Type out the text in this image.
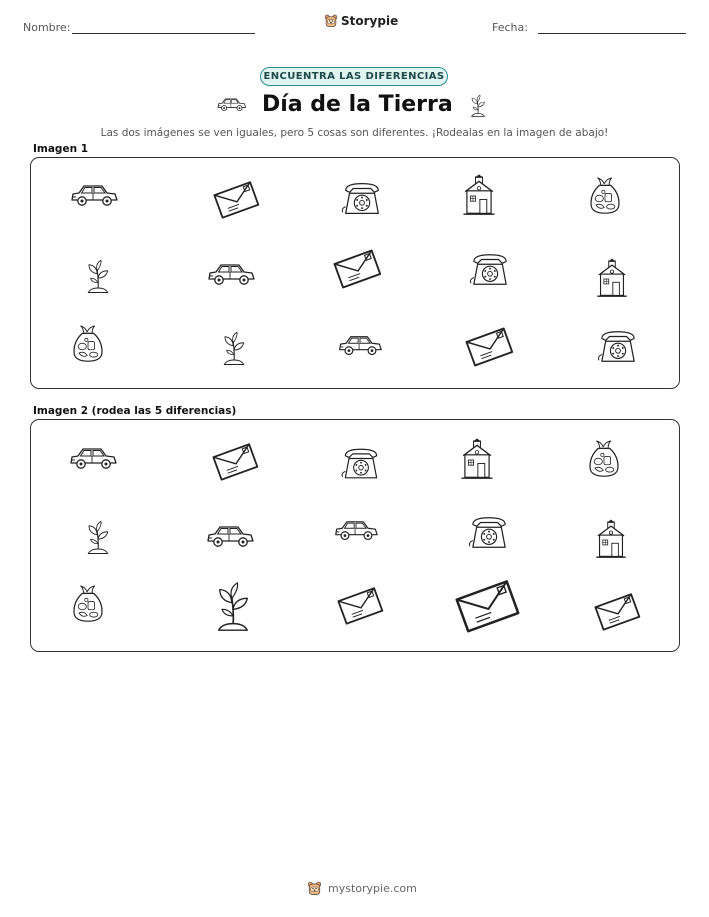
Nombre:	Storypie	Fecha:
ENCUENTRA LAS DIFERENCIAS
Día de la Tierra
Las dos imágenes se ven iguales, pero 5 cosas son diferentes. ¡Rodealas en la imagen de abajo!
Imagen 1
Imagen 2 (rodea las 5 diferencias)
mystorypie.com
